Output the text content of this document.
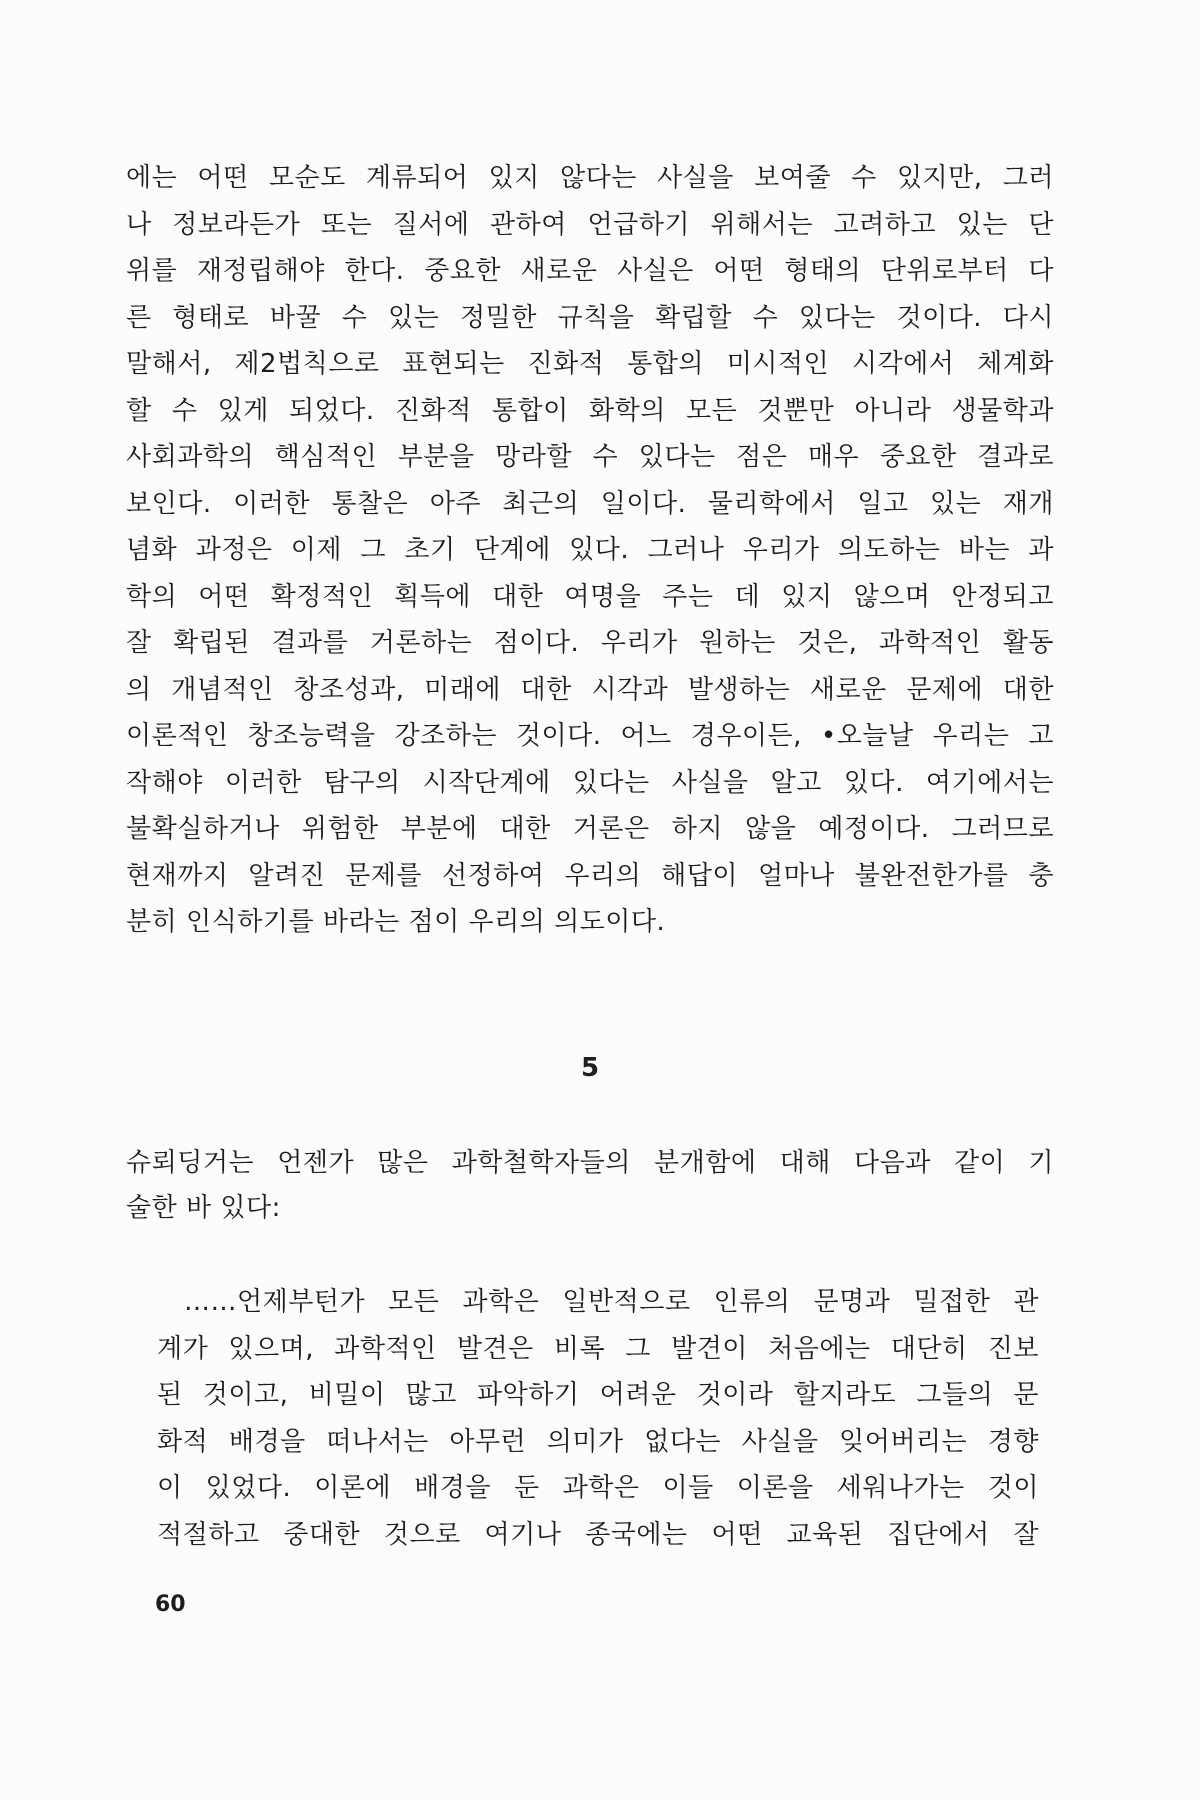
에는 어떤 모순도 계류되어 있지 않다는 사실을 보여줄 수 있지만, 그러
나 정보라든가 또는 질서에 관하여 언급하기 위해서는 고려하고 있는 단
위를 재정립해야 한다. 중요한 새로운 사실은 어떤 형태의 단위로부터 다
른 형태로 바꿀 수 있는 정밀한 규칙을 확립할 수 있다는 것이다. 다시
말해서, 제2법칙으로 표현되는 진화적 통합의 미시적인 시각에서 체계화
할 수 있게 되었다. 진화적 통합이 화학의 모든 것뿐만 아니라 생물학과
사회과학의 핵심적인 부분을 망라할 수 있다는 점은 매우 중요한 결과로
보인다. 이러한 통찰은 아주 최근의 일이다. 물리학에서 일고 있는 재개
념화 과정은 이제 그 초기 단계에 있다. 그러나 우리가 의도하는 바는 과
학의 어떤 확정적인 획득에 대한 여명을 주는 데 있지 않으며 안정되고
잘 확립된 결과를 거론하는 점이다. 우리가 원하는 것은, 과학적인 활동
의 개념적인 창조성과, 미래에 대한 시각과 발생하는 새로운 문제에 대한
이론적인 창조능력을 강조하는 것이다. 어느 경우이든, •오늘날 우리는 고
작해야 이러한 탐구의 시작단계에 있다는 사실을 알고 있다. 여기에서는
불확실하거나 위험한 부분에 대한 거론은 하지 않을 예정이다. 그러므로
현재까지 알려진 문제를 선정하여 우리의 해답이 얼마나 불완전한가를 충
분히 인식하기를 바라는 점이 우리의 의도이다.
5
슈뢰딩거는 언젠가 많은 과학철학자들의 분개함에 대해 다음과 같이 기
술한 바 있다:
……언제부턴가 모든 과학은 일반적으로 인류의 문명과 밀접한 관
계가 있으며, 과학적인 발견은 비록 그 발견이 처음에는 대단히 진보
된 것이고, 비밀이 많고 파악하기 어려운 것이라 할지라도 그들의 문
화적 배경을 떠나서는 아무런 의미가 없다는 사실을 잊어버리는 경향
이 있었다. 이론에 배경을 둔 과학은 이들 이론을 세워나가는 것이
적절하고 중대한 것으로 여기나 종국에는 어떤 교육된 집단에서 잘
60
